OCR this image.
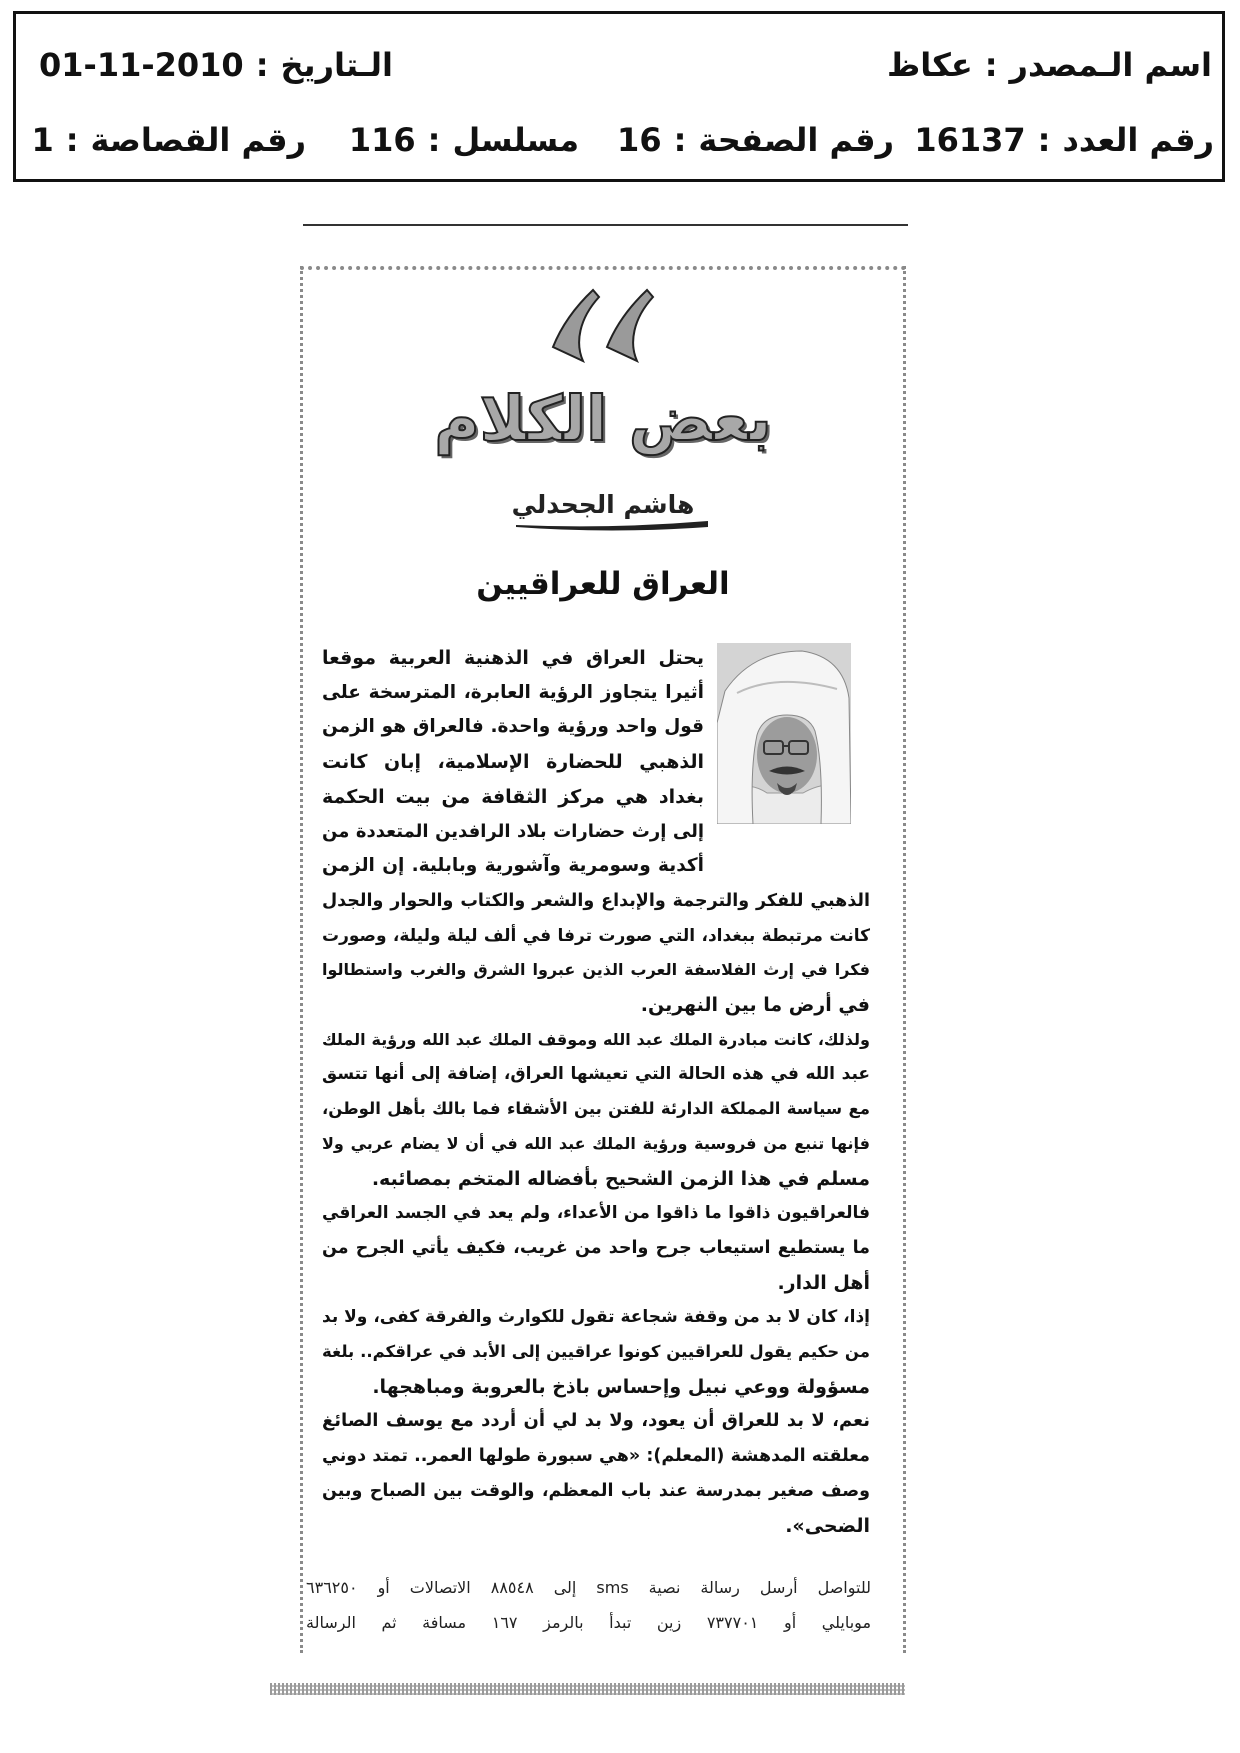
اسم الـمصدر:عكاظ
الـتاريخ:2010-11-01
رقم العدد:16137
رقم الصفحة:16
مسلسل:116
رقم القصاصة:1
بعض الكلام
هاشم الجحدلي
العراق للعراقيين
يحتل العراق في الذهنية العربية موقعا
أثيرا يتجاوز الرؤية العابرة، المترسخة على
قول واحد ورؤية واحدة. فالعراق هو الزمن
الذهبي للحضارة الإسلامية، إبان كانت
بغداد هي مركز الثقافة من بيت الحكمة
إلى إرث حضارات بلاد الرافدين المتعددة من
أكدية وسومرية وآشورية وبابلية. إن الزمن
الذهبي للفكر والترجمة والإبداع والشعر والكتاب والحوار والجدل
كانت مرتبطة ببغداد، التي صورت ترفا في ألف ليلة وليلة، وصورت
فكرا في إرث الفلاسفة العرب الذين عبروا الشرق والغرب واستطالوا
في أرض ما بين النهرين.
ولذلك، كانت مبادرة الملك عبد الله وموقف الملك عبد الله ورؤية الملك
عبد الله في هذه الحالة التي تعيشها العراق، إضافة إلى أنها تتسق
مع سياسة المملكة الدارئة للفتن بين الأشقاء فما بالك بأهل الوطن،
فإنها تنبع من فروسية ورؤية الملك عبد الله في أن لا يضام عربي ولا
مسلم في هذا الزمن الشحيح بأفضاله المتخم بمصائبه.
فالعراقيون ذاقوا ما ذاقوا من الأعداء، ولم يعد في الجسد العراقي
ما يستطيع استيعاب جرح واحد من غريب، فكيف يأتي الجرح من
أهل الدار.
إذا، كان لا بد من وقفة شجاعة تقول للكوارث والفرقة كفى، ولا بد
من حكيم يقول للعراقيين كونوا عراقيين إلى الأبد في عراقكم.. بلغة
مسؤولة ووعي نبيل وإحساس باذخ بالعروبة ومباهجها.
نعم، لا بد للعراق أن يعود، ولا بد لي أن أردد مع يوسف الصائغ
معلقته المدهشة (المعلم): «هي سبورة طولها العمر.. تمتد دوني
وصف صغير بمدرسة عند باب المعظم، والوقت بين الصباح وبين
الضحى».
للتواصل أرسل رسالة نصية sms إلى ٨٨٥٤٨ الاتصالات أو ٦٣٦٢٥٠
موبايلي أو ٧٣٧٧٠١ زين تبدأ بالرمز ١٦٧ مسافة ثم الرسالة
